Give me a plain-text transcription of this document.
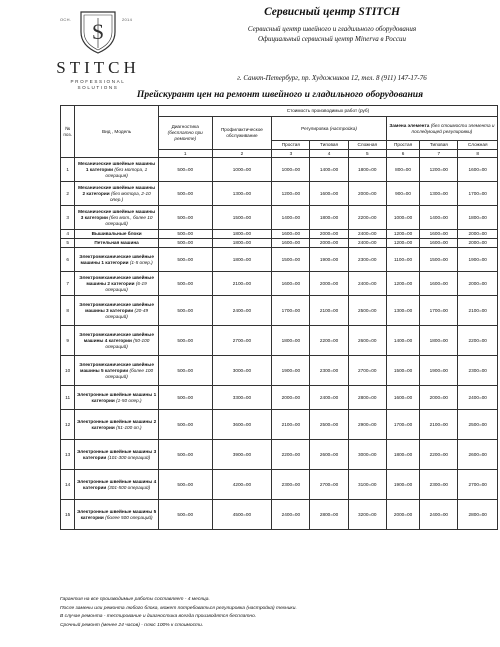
S
ОСН.	2014
STITCH
PROFESSIONAL
SOLUTIONS
Сервисный центр STITCH
Сервисный центр швейного и гладильного оборудования
Официальный сервисный центр Minerva в России
г. Санкт-Петербург, пр. Художников 12, тел. 8 (911) 147-17-76
Прейскурант цен на ремонт швейного и гладильного оборудования
№ поз.	Вид , Модель	Стоимость производимых работ (руб)							
		Диагностика
(бесплатно при ремонте)	Профилактическое обслуживание	Регулировка (настройка)			Замена элемента (без стоимости элемента и последующей регулировки)		
				Простая	Типовая	Сложная	Простая	Типовая	Сложная
		1	2	3	4	5	6	7	8
1	Механические швейные машины 1 категории (без мотора, 1 операция)	500=00	1000=00	1000=00	1400=00	1800=00	800=00	1200=00	1600=00
2	Механические швейные машины 2 категории (без мотора, 2-10 опер.)	500=00	1300=00	1200=00	1600=00	2000=00	900=00	1300=00	1700=00
3	Механические швейные машины 3 категории (без мот., более 10 операций)	500=00	1500=00	1400=00	1800=00	2200=00	1000=00	1400=00	1800=00
4	Вышивальные блоки	500=00	1800=00	1600=00	2000=00	2400=00	1200=00	1600=00	2000=00
5	Петельная машина	500=00	1800=00	1600=00	2000=00	2400=00	1200=00	1600=00	2000=00
6	Электромеханические швейные машины 1 категории (1-5 опер.)	500=00	1800=00	1500=00	1900=00	2300=00	1100=00	1500=00	1900=00
7	Электромеханические швейные машины 2 категории (6-19 операции)	500=00	2100=00	1600=00	2000=00	2400=00	1200=00	1600=00	2000=00
8	Электромеханические швейные машины 3 категории (20-49 операций)	500=00	2400=00	1700=00	2100=00	2500=00	1300=00	1700=00	2100=00
9	Электромеханические швейные машины 4 категории (50-100 операций)	500=00	2700=00	1800=00	2200=00	2600=00	1400=00	1800=00	2200=00
10	Электромеханические швейные машины 5 категории (более 100 операций)	500=00	3000=00	1900=00	2300=00	2700=00	1500=00	1900=00	2300=00
11	Электронные швейные машины 1 категории (1-50 опер.)	500=00	3300=00	2000=00	2400=00	2800=00	1600=00	2000=00	2400=00
12	Электронные швейные машины 2 категории (51-100 оп.)	500=00	3600=00	2100=00	2500=00	2900=00	1700=00	2100=00	2500=00
13	Электронные швейные машины 3 категории (101-300 операций)	500=00	3900=00	2200=00	2600=00	3000=00	1800=00	2200=00	2600=00
14	Электронные швейные машины 4 категории (301-500 операций)	500=00	4200=00	2300=00	2700=00	3100=00	1900=00	2300=00	2700=00
15	Электронные швейные машины 5 категории (более 500 операций)	500=00	4500=00	2400=00	2800=00	3200=00	2000=00	2400=00	2800=00
Гарантия на все производимые работы составляет - 4 месяца.
После замены или ремонта любого блока, может потребоваться регулировка (настройка) техники.
В случае ремонта - тестирование и диагностика всегда производятся бесплатно.
Срочный ремонт (менее 24 часов) - плюс 100% к стоимости.
